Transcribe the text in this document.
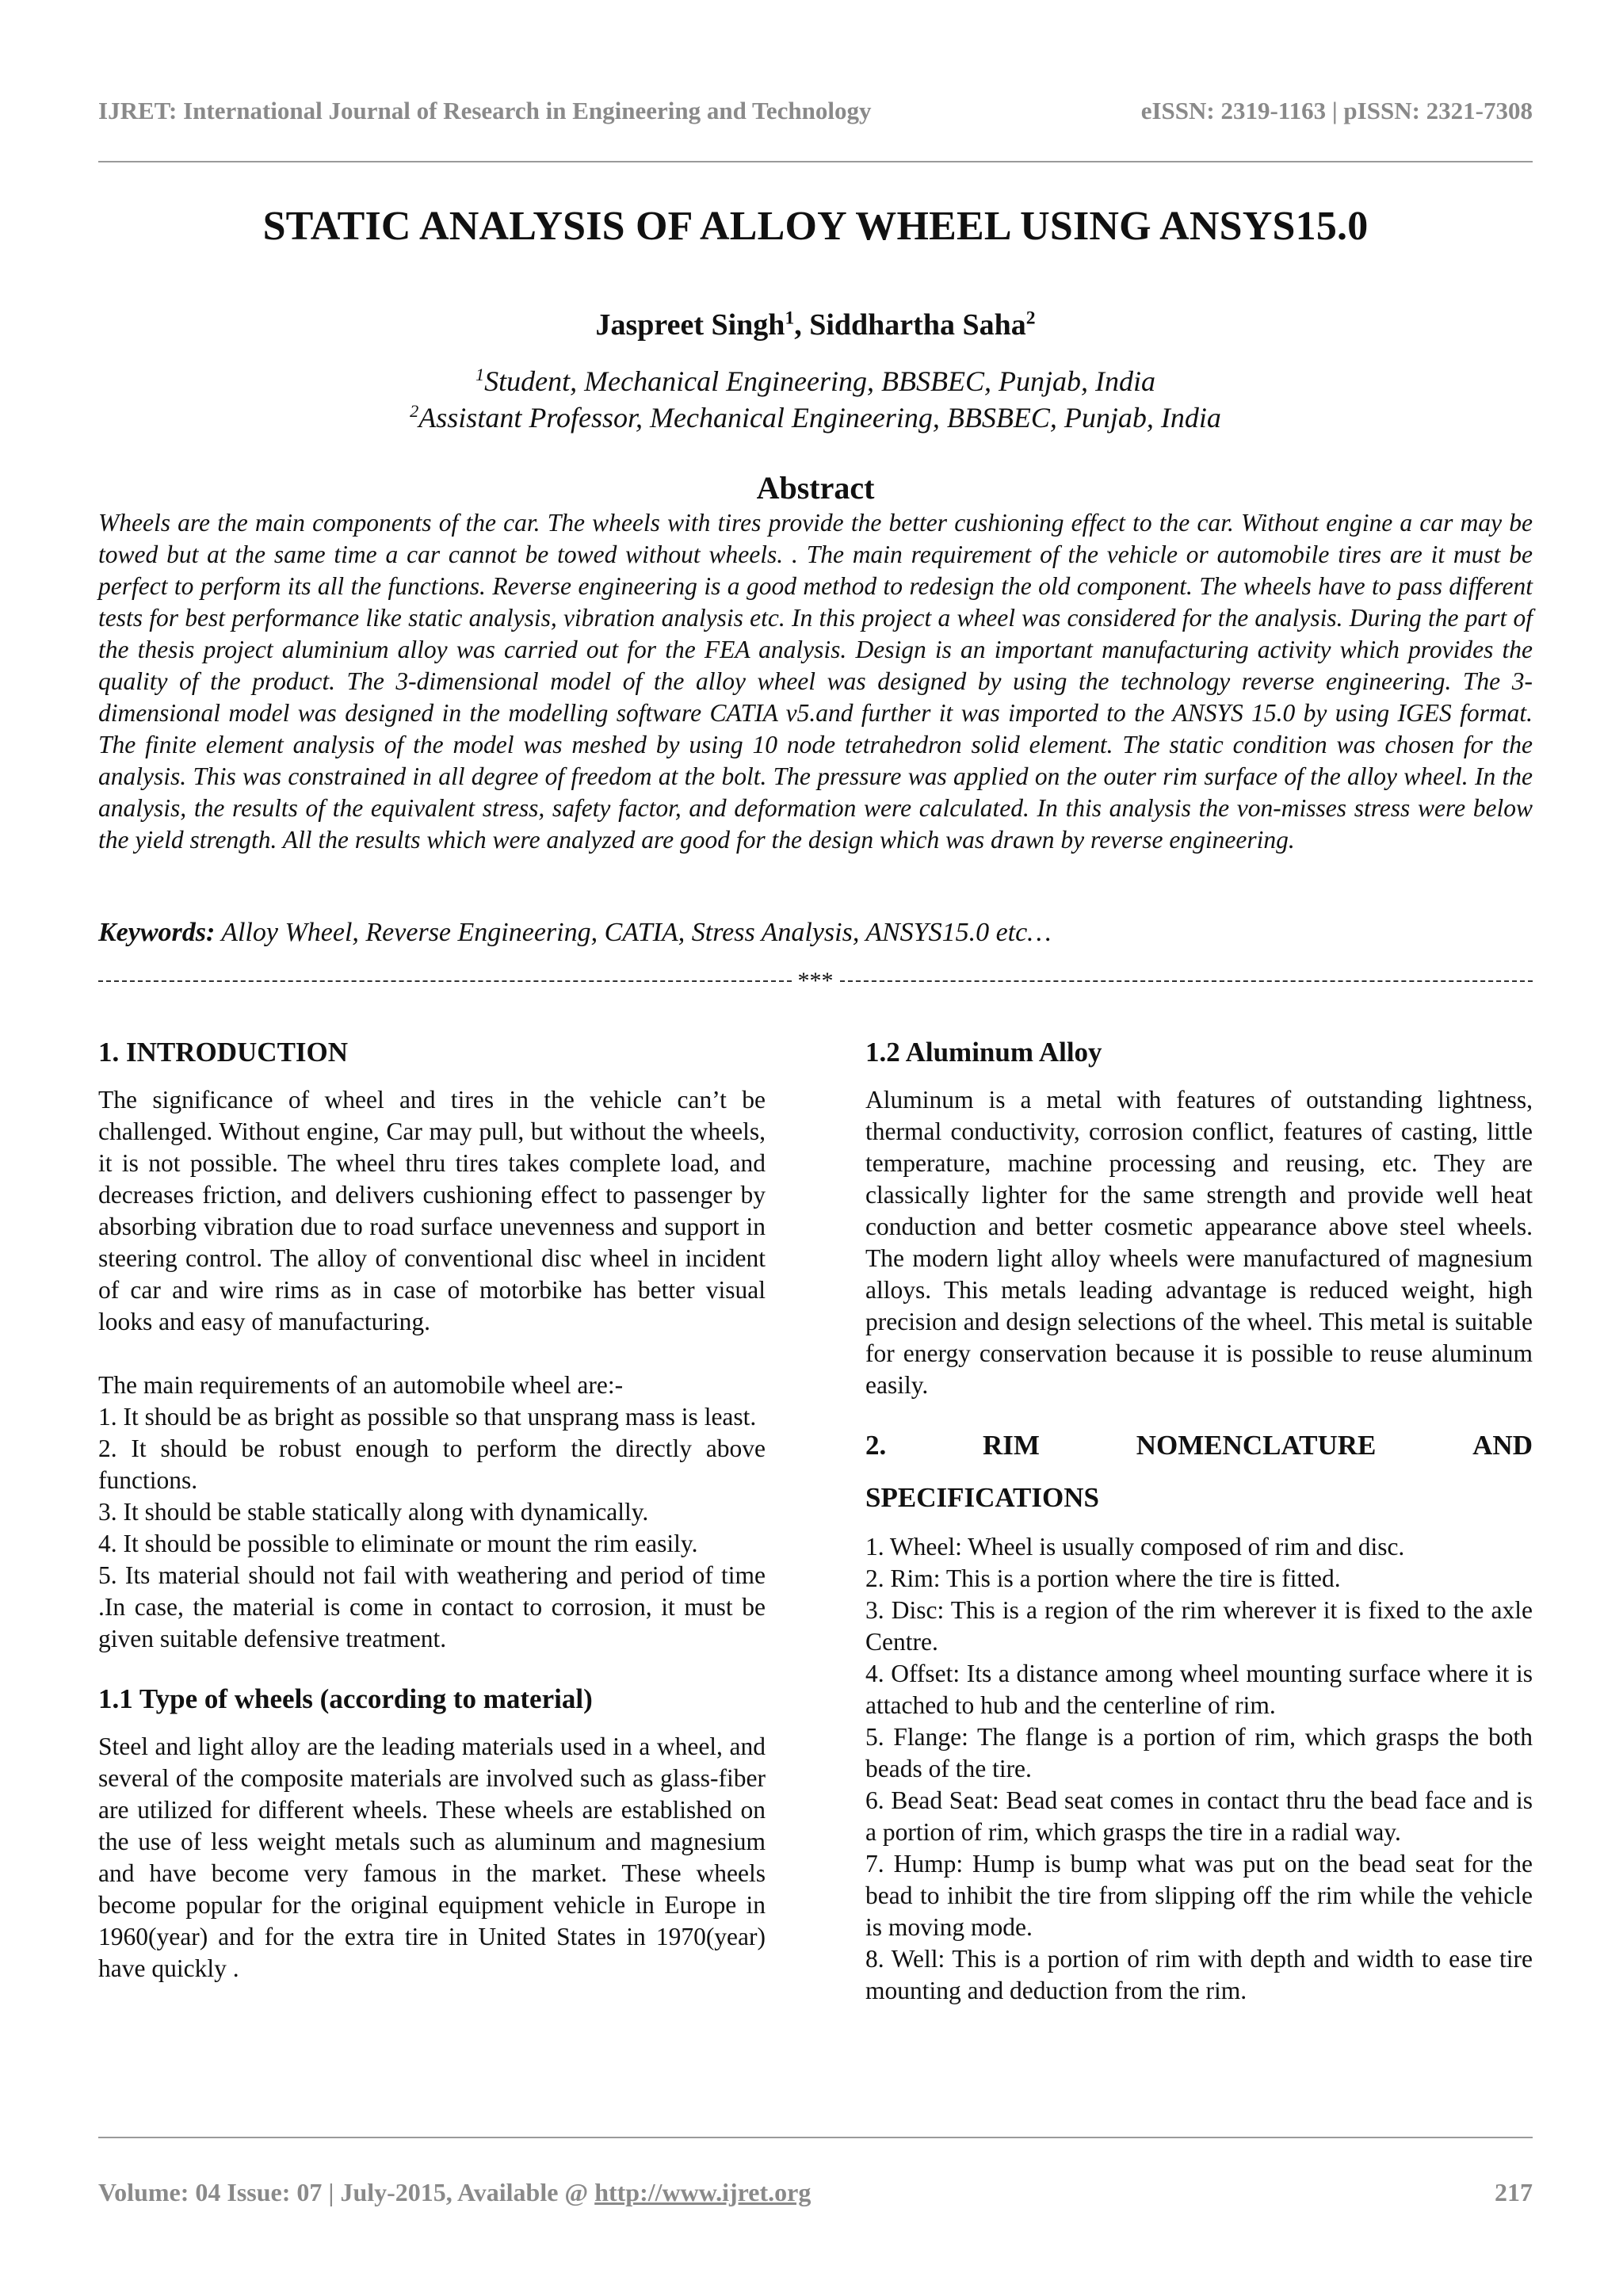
IJRET: International Journal of Research in Engineering and Technology	eISSN: 2319-1163 | pISSN: 2321-7308
STATIC ANALYSIS OF ALLOY WHEEL USING ANSYS15.0
Jaspreet Singh$^1$, Siddhartha Saha$^2$
$^1$Student, Mechanical Engineering, BBSBEC, Punjab, India
$^2$Assistant Professor, Mechanical Engineering, BBSBEC, Punjab, India
Abstract
Wheels are the main components of the car. The wheels with tires provide the better cushioning effect to the car. Without engine a car may be towed but at the same time a car cannot be towed without wheels. . The main requirement of the vehicle or automobile tires are it must be perfect to perform its all the functions. Reverse engineering is a good method to redesign the old component. The wheels have to pass different tests for best performance like static analysis, vibration analysis etc. In this project a wheel was considered for the analysis. During the part of the thesis project aluminium alloy was carried out for the FEA analysis. Design is an important manufacturing activity which provides the quality of the product. The 3-dimensional model of the alloy wheel was designed by using the technology reverse engineering. The 3-dimensional model was designed in the modelling software CATIA v5.and further it was imported to the ANSYS 15.0 by using IGES format. The finite element analysis of the model was meshed by using 10 node tetrahedron solid element. The static condition was chosen for the analysis. This was constrained in all degree of freedom at the bolt. The pressure was applied on the outer rim surface of the alloy wheel. In the analysis, the results of the equivalent stress, safety factor, and deformation were calculated. In this analysis the von-misses stress were below the yield strength. All the results which were analyzed are good for the design which was drawn by reverse engineering.
Keywords: Alloy Wheel, Reverse Engineering, CATIA, Stress Analysis, ANSYS15.0 etc…
***
1. INTRODUCTION

The significance of wheel and tires in the vehicle can’t be challenged. Without engine, Car may pull, but without the wheels, it is not possible. The wheel thru tires takes complete load, and decreases friction, and delivers cushioning effect to passenger by absorbing vibration due to road surface unevenness and support in steering control. The alloy of conventional disc wheel in incident of car and wire rims as in case of motorbike has better visual looks and easy of manufacturing.

The main requirements of an automobile wheel are:-

1. It should be as bright as possible so that unsprang mass is least.
2. It should be robust enough to perform the directly above functions.
3. It should be stable statically along with dynamically.
4. It should be possible to eliminate or mount the rim easily.
5. Its material should not fail with weathering and period of time .In case, the material is come in contact to corrosion, it must be given suitable defensive treatment.
1.1 Type of wheels (according to material)

Steel and light alloy are the leading materials used in a wheel, and several of the composite materials are involved such as glass-fiber are utilized for different wheels. These wheels are established on the use of less weight metals such as aluminum and magnesium and have become very famous in the market. These wheels become popular for the original equipment vehicle in Europe in 1960(year) and for the extra tire in United States in 1970(year) have quickly .

1.2 Aluminum Alloy

Aluminum is a metal with features of outstanding lightness, thermal conductivity, corrosion conflict, features of casting, little temperature, machine processing and reusing, etc. They are classically lighter for the same strength and provide well heat conduction and better cosmetic appearance above steel wheels. The modern light alloy wheels were manufactured of magnesium alloys. This metals leading advantage is reduced weight, high precision and design selections of the wheel. This metal is suitable for energy conservation because it is possible to reuse aluminum easily.

2.	RIM	NOMENCLATURE	AND
SPECIFICATIONS
1. Wheel: Wheel is usually composed of rim and disc.
2. Rim: This is a portion where the tire is fitted.
3. Disc: This is a region of the rim wherever it is fixed to the axle Centre.
4. Offset: Its a distance among wheel mounting surface where it is attached to hub and the centerline of rim.
5. Flange: The flange is a portion of rim, which grasps the both beads of the tire.
6. Bead Seat: Bead seat comes in contact thru the bead face and is a portion of rim, which grasps the tire in a radial way.
7. Hump: Hump is bump what was put on the bead seat for the bead to inhibit the tire from slipping off the rim while the vehicle is moving mode.
8. Well: This is a portion of rim with depth and width to ease tire mounting and deduction from the rim.
Volume: 04 Issue: 07 | July-2015, Available @ http://www.ijret.org	217
